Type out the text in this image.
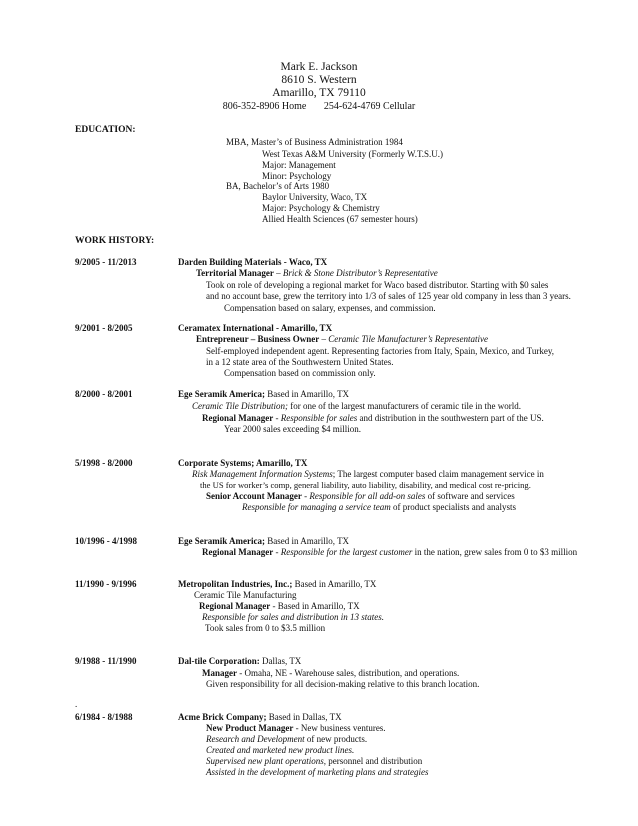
Mark E. Jackson
8610 S. Western
Amarillo, TX 79110
806-352-8906 Home 254-624-4769 Cellular
EDUCATION:
MBA, Master’s of Business Administration 1984
West Texas A&M University (Formerly W.T.S.U.)
Major: Management
Minor: Psychology
BA, Bachelor’s of Arts 1980
Baylor University, Waco, TX
Major: Psychology & Chemistry
Allied Health Sciences (67 semester hours)
WORK HISTORY:
9/2005 - 11/2013	Darden Building Materials - Waco, TX
Territorial Manager – Brick & Stone Distributor’s Representative
Took on role of developing a regional market for Waco based distributor. Starting with $0 sales
and no account base, grew the territory into 1/3 of sales of 125 year old company in less than 3 years.
Compensation based on salary, expenses, and commission.
9/2001 - 8/2005	Ceramatex International - Amarillo, TX
Entrepreneur – Business Owner – Ceramic Tile Manufacturer’s Representative
Self-employed independent agent. Representing factories from Italy, Spain, Mexico, and Turkey,
in a 12 state area of the Southwestern United States.
Compensation based on commission only.
8/2000 - 8/2001	Ege Seramik America; Based in Amarillo, TX
Ceramic Tile Distribution; for one of the largest manufacturers of ceramic tile in the world.
Regional Manager - Responsible for sales and distribution in the southwestern part of the US.
Year 2000 sales exceeding $4 million.
5/1998 - 8/2000	Corporate Systems; Amarillo, TX
Risk Management Information Systems; The largest computer based claim management service in
the US for worker’s comp, general liability, auto liability, disability, and medical cost re-pricing.
Senior Account Manager - Responsible for all add-on sales of software and services
Responsible for managing a service team of product specialists and analysts
10/1996 - 4/1998	Ege Seramik America; Based in Amarillo, TX
Regional Manager - Responsible for the largest customer in the nation, grew sales from 0 to $3 million
11/1990 - 9/1996	Metropolitan Industries, Inc.; Based in Amarillo, TX
Ceramic Tile Manufacturing
Regional Manager - Based in Amarillo, TX
Responsible for sales and distribution in 13 states.
Took sales from 0 to $3.5 million
9/1988 - 11/1990	Dal-tile Corporation: Dallas, TX
Manager - Omaha, NE - Warehouse sales, distribution, and operations.
Given responsibility for all decision-making relative to this branch location.
.
6/1984 - 8/1988	Acme Brick Company; Based in Dallas, TX
New Product Manager - New business ventures.
Research and Development of new products.
Created and marketed new product lines.
Supervised new plant operations, personnel and distribution
Assisted in the development of marketing plans and strategies
